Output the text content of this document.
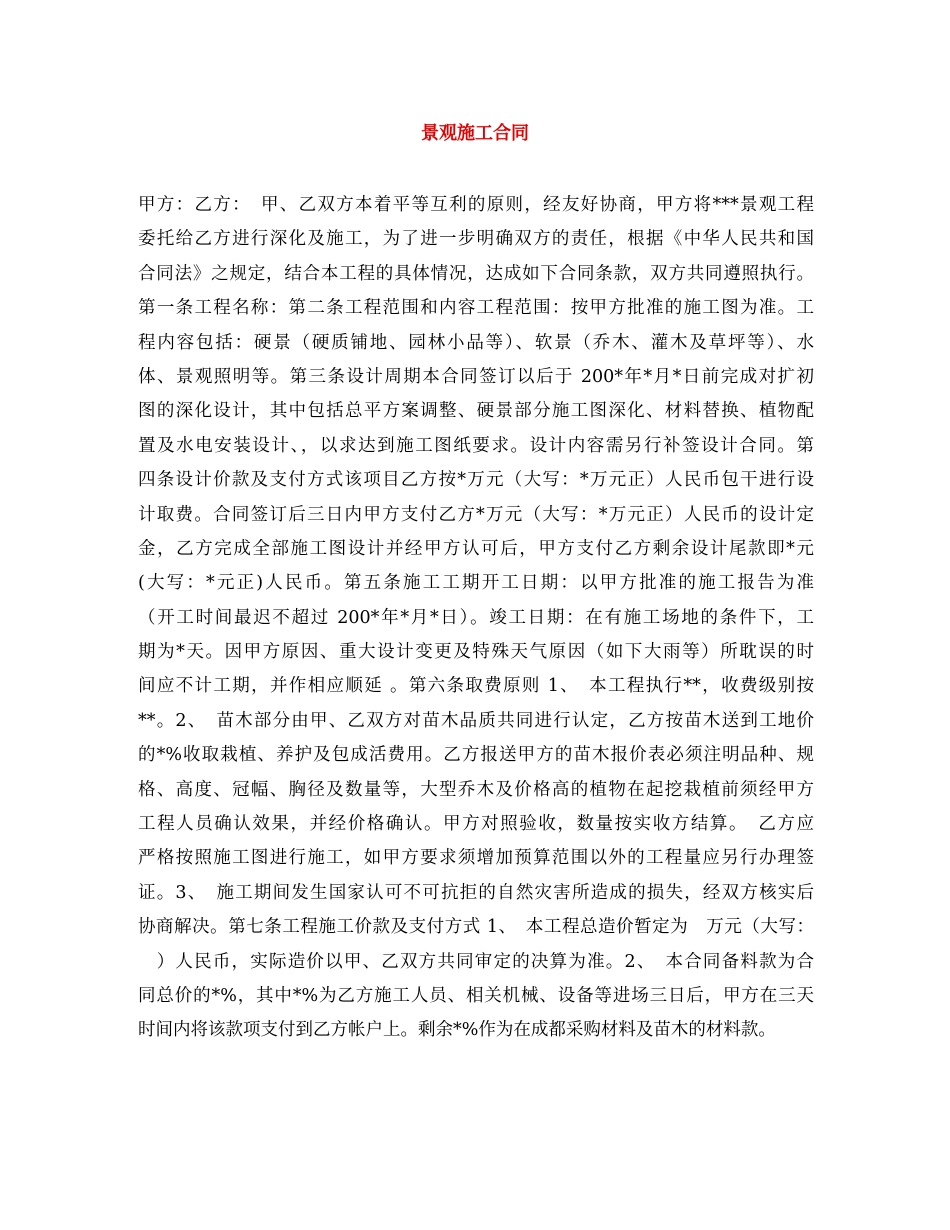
景观施工合同
甲方：乙方：　甲、乙双方本着平等互利的原则，经友好协商，甲方将***景观工程
委托给乙方进行深化及施工，为了进一步明确双方的责任，根据《中华人民共和国
合同法》之规定，结合本工程的具体情况，达成如下合同条款，双方共同遵照执行。
第一条工程名称：第二条工程范围和内容工程范围：按甲方批准的施工图为准。工
程内容包括：硬景（硬质铺地、园林小品等）、软景（乔木、灌木及草坪等）、水
体、景观照明等。第三条设计周期本合同签订以后于 200*年*月*日前完成对扩初
图的深化设计，其中包括总平方案调整、硬景部分施工图深化、材料替换、植物配
置及水电安装设计、，以求达到施工图纸要求。设计内容需另行补签设计合同。第
四条设计价款及支付方式该项目乙方按*万元（大写：*万元正）人民币包干进行设
计取费。合同签订后三日内甲方支付乙方*万元（大写：*万元正）人民币的设计定
金，乙方完成全部施工图设计并经甲方认可后，甲方支付乙方剩余设计尾款即*元
(大写：*元正)人民币。第五条施工工期开工日期：以甲方批准的施工报告为准
（开工时间最迟不超过 200*年*月*日）。竣工日期：在有施工场地的条件下，工
期为*天。因甲方原因、重大设计变更及特殊天气原因（如下大雨等）所耽误的时
间应不计工期，并作相应顺延 。第六条取费原则 1、　本工程执行**，收费级别按
**。2、　苗木部分由甲、乙双方对苗木品质共同进行认定，乙方按苗木送到工地价
的*%收取栽植、养护及包成活费用。乙方报送甲方的苗木报价表必须注明品种、规
格、高度、冠幅、胸径及数量等，大型乔木及价格高的植物在起挖栽植前须经甲方
工程人员确认效果，并经价格确认。甲方对照验收，数量按实收方结算。　乙方应
严格按照施工图进行施工，如甲方要求须增加预算范围以外的工程量应另行办理签
证。3、　施工期间发生国家认可不可抗拒的自然灾害所造成的损失，经双方核实后
协商解决。第七条工程施工价款及支付方式 1、　本工程总造价暂定为　万元（大写：
　）人民币，实际造价以甲、乙双方共同审定的决算为准。2、　本合同备料款为合
同总价的*%，其中*%为乙方施工人员、相关机械、设备等进场三日后，甲方在三天
时间内将该款项支付到乙方帐户上。剩余*%作为在成都采购材料及苗木的材料款。
